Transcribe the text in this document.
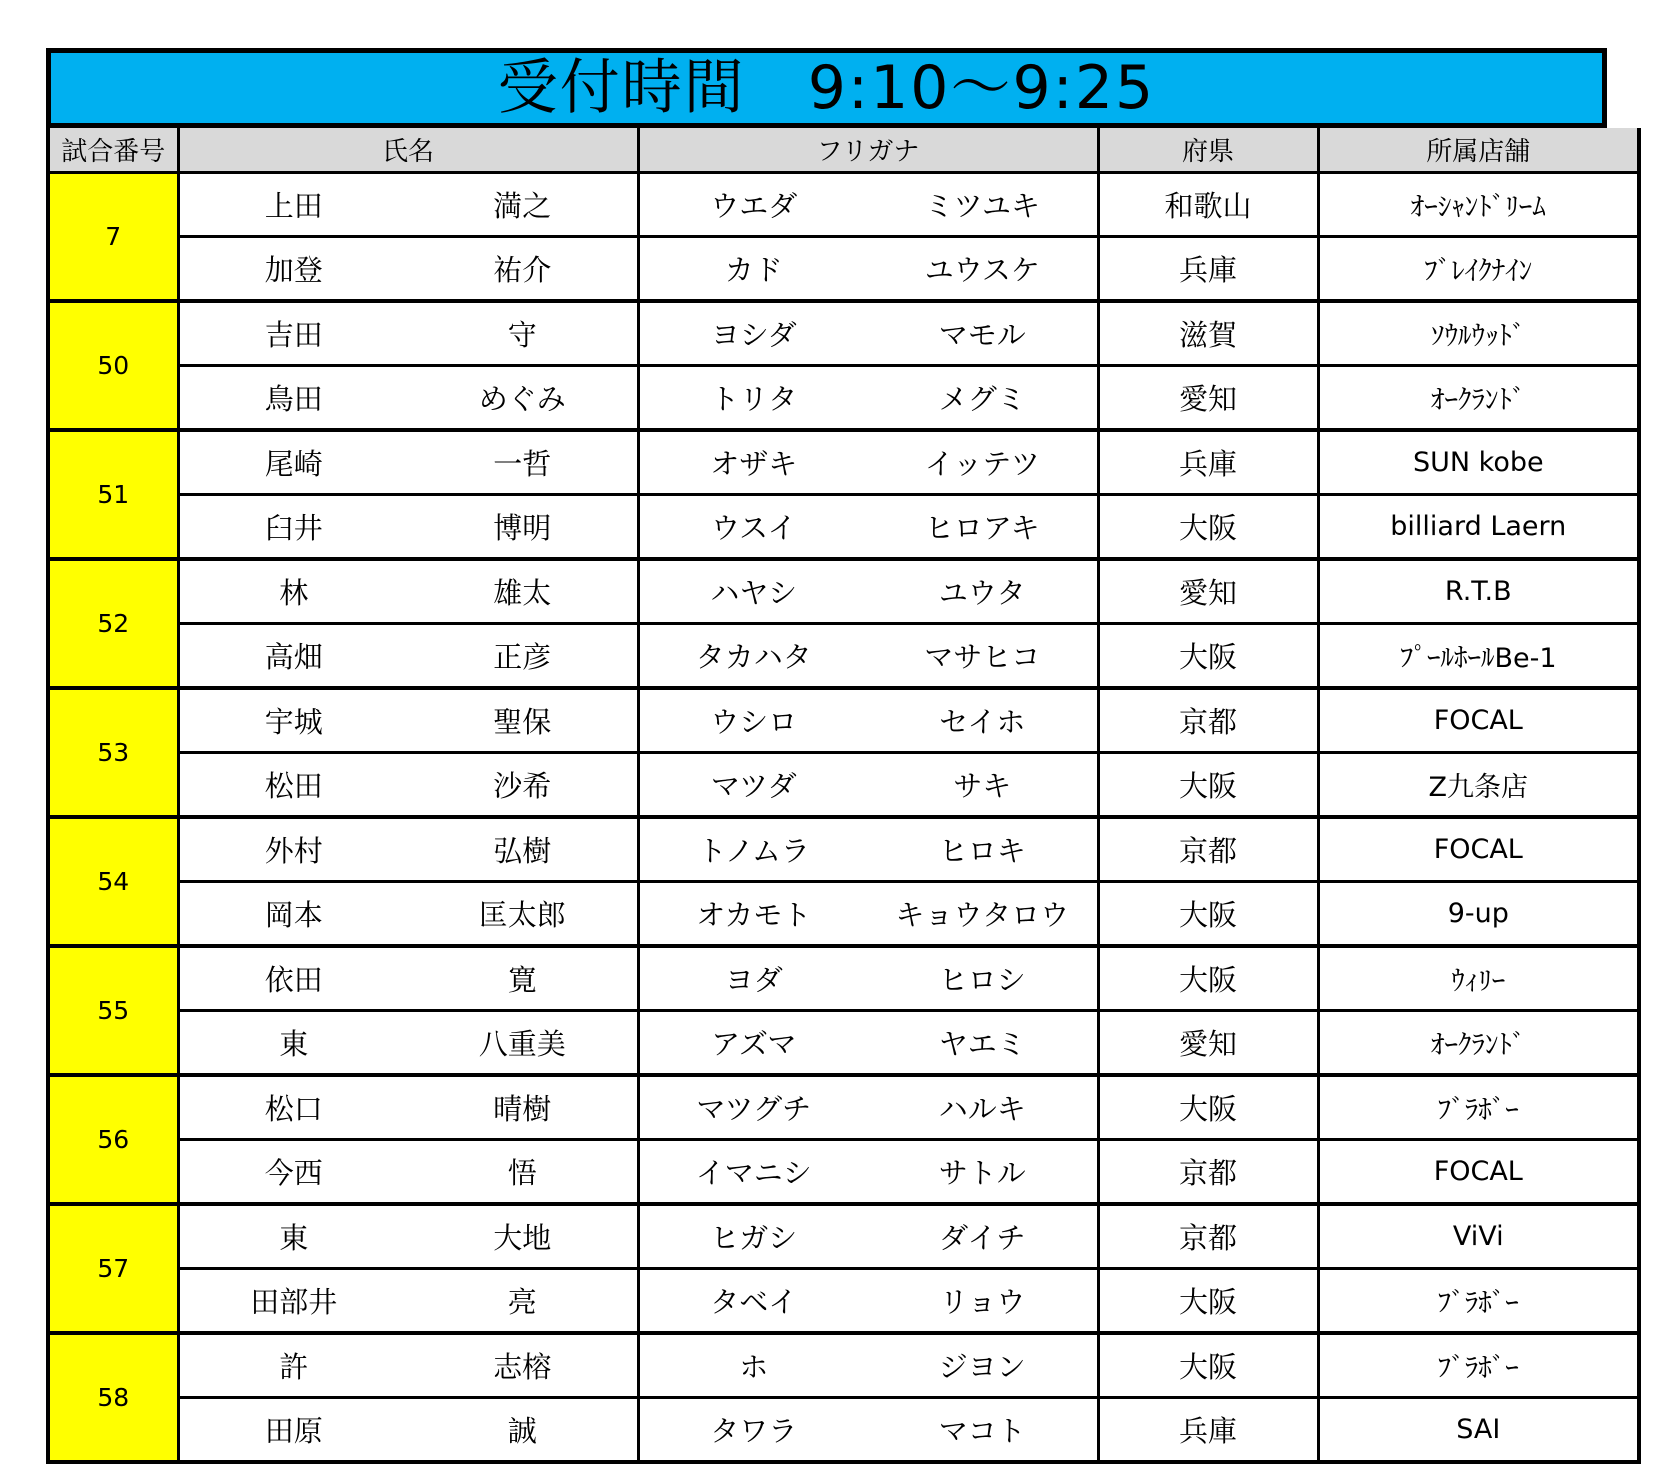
受付時間　9:10～9:25
試合番号	氏名		フリガナ		府県	所属店舗
7	上田	満之	ウエダ	ミツユキ	和歌山	ｵｰｼｬﾝﾄﾞﾘｰﾑ
	加登	祐介	カド	ユウスケ	兵庫	ﾌﾞﾚｲｸﾅｲﾝ
50	吉田	守	ヨシダ	マモル	滋賀	ｿｳﾙｳｯﾄﾞ
	鳥田	めぐみ	トリタ	メグミ	愛知	ｵｰｸﾗﾝﾄﾞ
51	尾崎	一哲	オザキ	イッテツ	兵庫	SUN kobe
	臼井	博明	ウスイ	ヒロアキ	大阪	billiard Laern
52	林	雄太	ハヤシ	ユウタ	愛知	R.T.B
	高畑	正彦	タカハタ	マサヒコ	大阪	ﾌﾟｰﾙﾎｰﾙBe-1
53	宇城	聖保	ウシロ	セイホ	京都	FOCAL
	松田	沙希	マツダ	サキ	大阪	Z九条店
54	外村	弘樹	トノムラ	ヒロキ	京都	FOCAL
	岡本	匡太郎	オカモト	キョウタロウ	大阪	9-up
55	依田	寛	ヨダ	ヒロシ	大阪	ｳｨﾘｰ
	東	八重美	アズマ	ヤエミ	愛知	ｵｰｸﾗﾝﾄﾞ
56	松口	晴樹	マツグチ	ハルキ	大阪	ﾌﾞﾗﾎﾞｰ
	今西	悟	イマニシ	サトル	京都	FOCAL
57	東	大地	ヒガシ	ダイチ	京都	ViVi
	田部井	亮	タベイ	リョウ	大阪	ﾌﾞﾗﾎﾞｰ
58	許	志榕	ホ	ジヨン	大阪	ﾌﾞﾗﾎﾞｰ
	田原	誠	タワラ	マコト	兵庫	SAI
